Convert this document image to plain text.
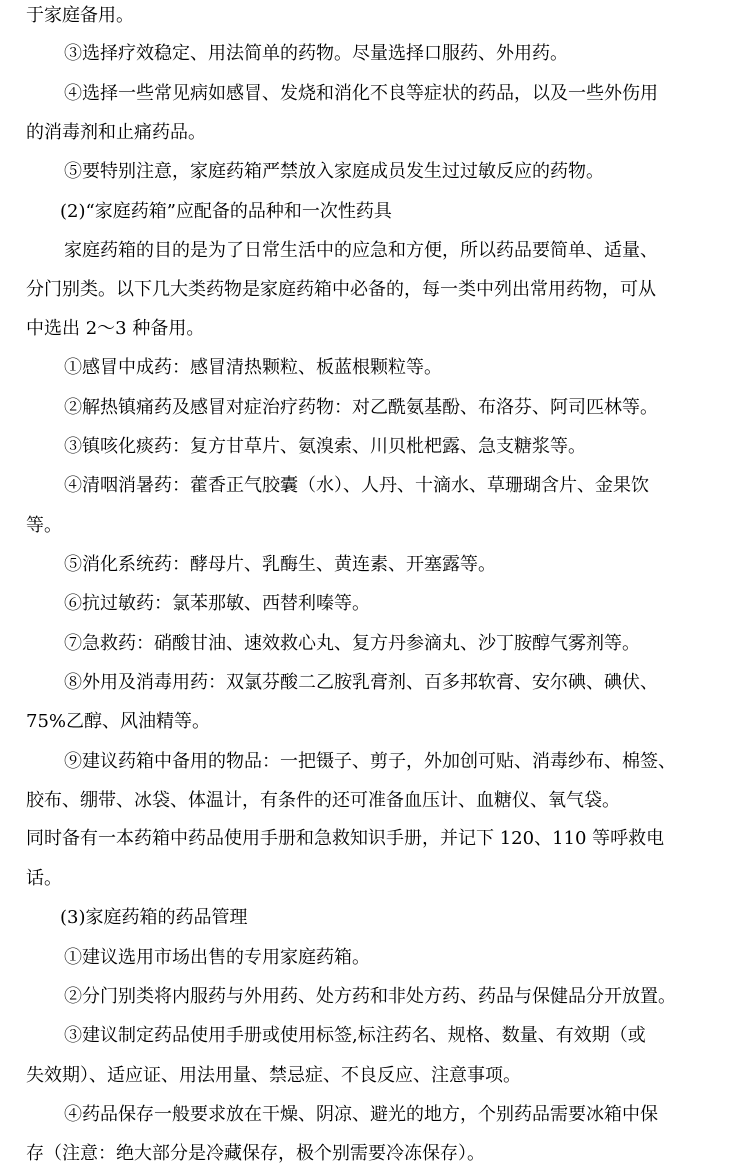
于家庭备用。
③选择疗效稳定、用法简单的药物。尽量选择口服药、外用药。
④选择一些常见病如感冒、发烧和消化不良等症状的药品，以及一些外伤用
的消毒剂和止痛药品。
⑤要特别注意，家庭药箱严禁放入家庭成员发生过过敏反应的药物。
(2)“家庭药箱”应配备的品种和一次性药具
家庭药箱的目的是为了日常生活中的应急和方便，所以药品要简单、适量、
分门别类。以下几大类药物是家庭药箱中必备的，每一类中列出常用药物，可从
中选出 2～3 种备用。
①感冒中成药：感冒清热颗粒、板蓝根颗粒等。
②解热镇痛药及感冒对症治疗药物：对乙酰氨基酚、布洛芬、阿司匹林等。
③镇咳化痰药：复方甘草片、氨溴索、川贝枇杷露、急支糖浆等。
④清咽消暑药：藿香正气胶囊（水）、人丹、十滴水、草珊瑚含片、金果饮
等。
⑤消化系统药：酵母片、乳酶生、黄连素、开塞露等。
⑥抗过敏药：氯苯那敏、西替利嗪等。
⑦急救药：硝酸甘油、速效救心丸、复方丹参滴丸、沙丁胺醇气雾剂等。
⑧外用及消毒用药：双氯芬酸二乙胺乳膏剂、百多邦软膏、安尔碘、碘伏、
75%乙醇、风油精等。
⑨建议药箱中备用的物品：一把镊子、剪子，外加创可贴、消毒纱布、棉签、
胶布、绷带、冰袋、体温计，有条件的还可准备血压计、血糖仪、氧气袋。
同时备有一本药箱中药品使用手册和急救知识手册，并记下 120、110 等呼救电
话。
(3)家庭药箱的药品管理
①建议选用市场出售的专用家庭药箱。
②分门别类将内服药与外用药、处方药和非处方药、药品与保健品分开放置。
③建议制定药品使用手册或使用标签,标注药名、规格、数量、有效期（或
失效期）、适应证、用法用量、禁忌症、不良反应、注意事项。
④药品保存一般要求放在干燥、阴凉、避光的地方，个别药品需要冰箱中保
存（注意：绝大部分是冷藏保存，极个别需要冷冻保存）。
